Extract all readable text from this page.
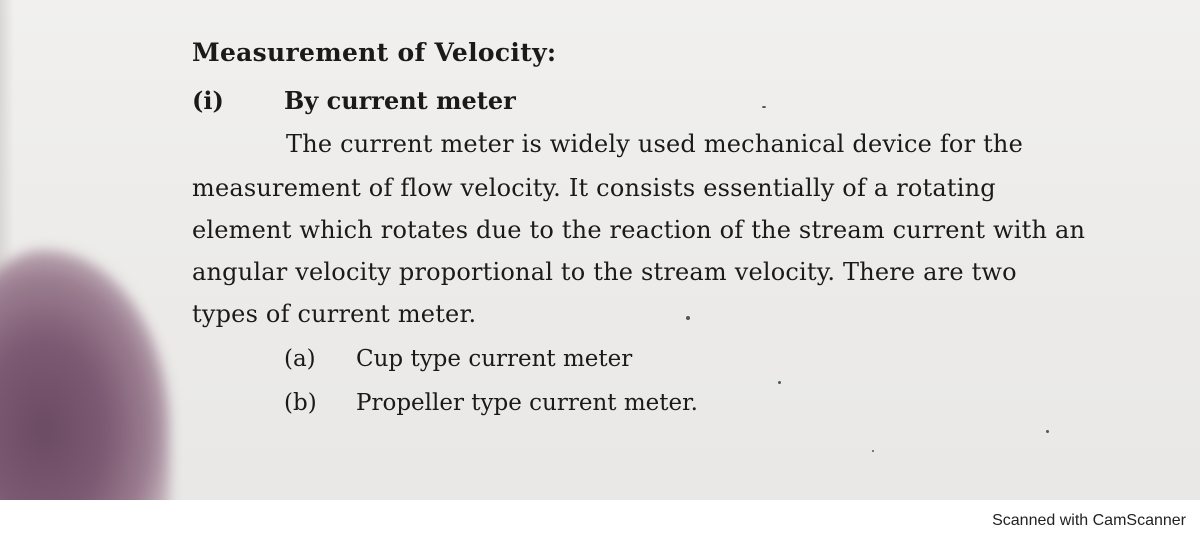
Measurement of Velocity:
(i)	By current meter
The current meter is widely used mechanical device for the
measurement of flow velocity. It consists essentially of a rotating
element which rotates due to the reaction of the stream current with an
angular velocity proportional to the stream velocity. There are two
types of current meter.
(a) Cup type current meter
(b) Propeller type current meter.
Scanned with CamScanner
